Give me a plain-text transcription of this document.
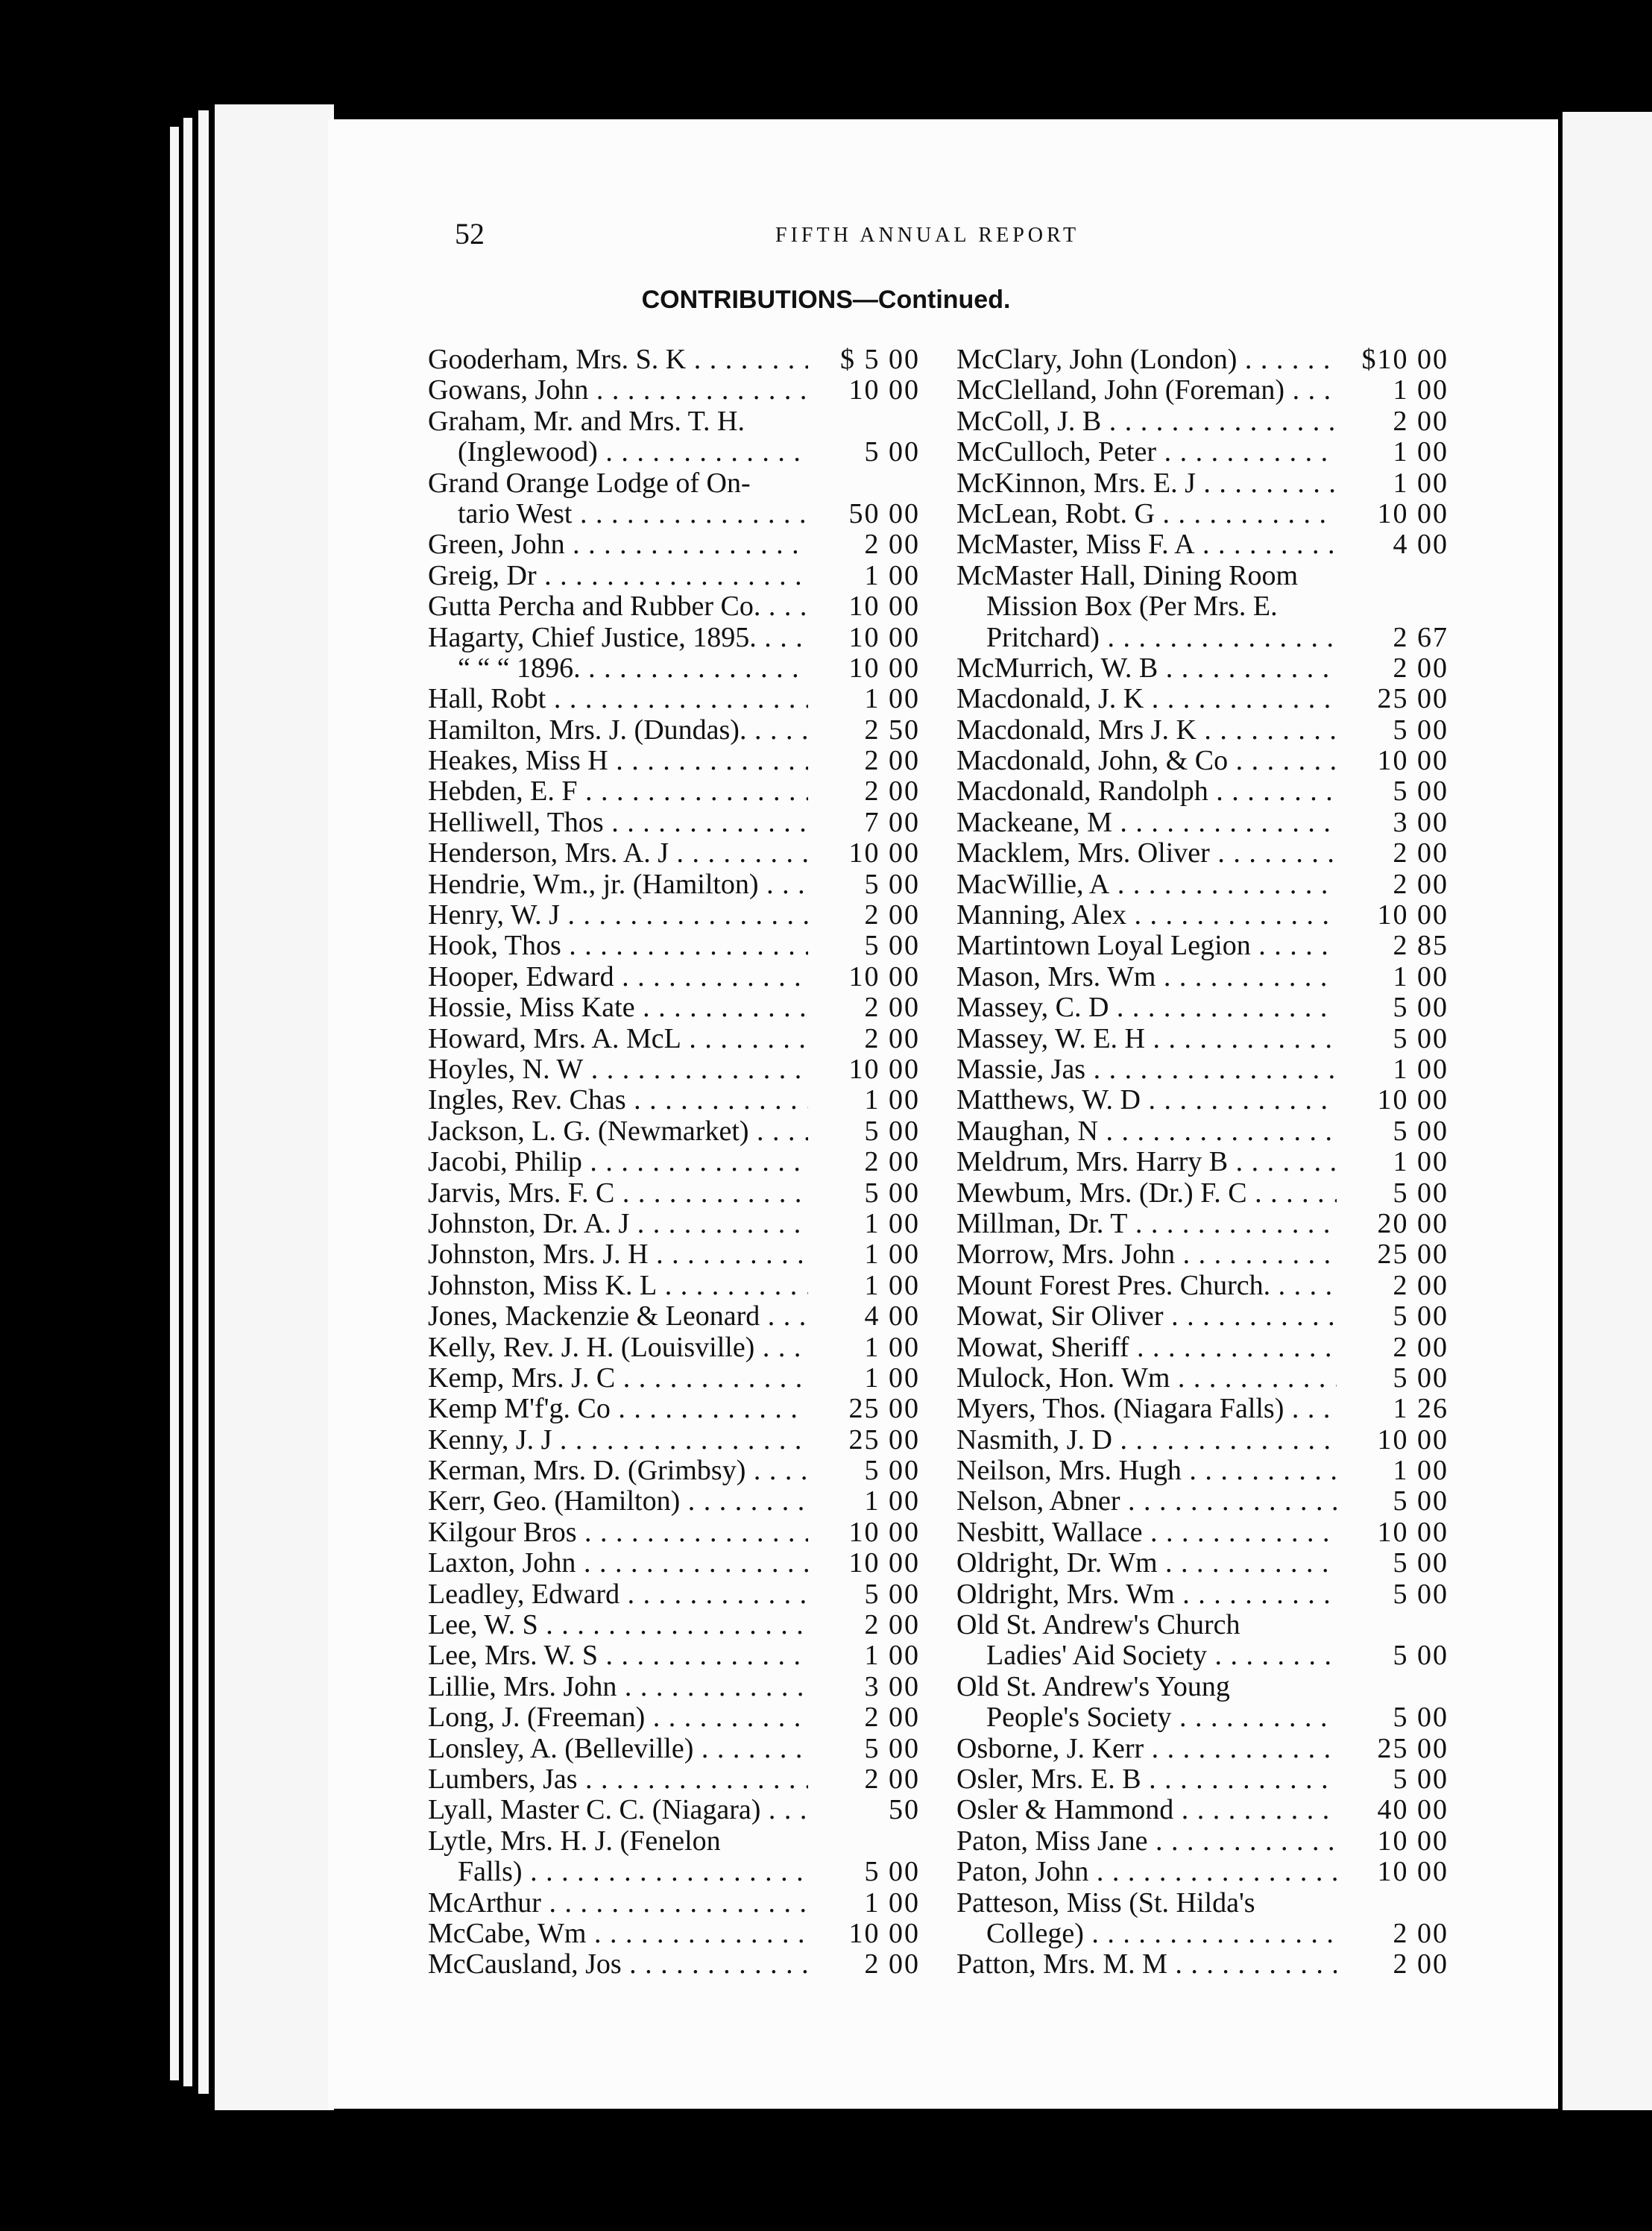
52	FIFTH ANNUAL REPORT
CONTRIBUTIONS—Continued.
Gooderham, Mrs. S. K . . .	$ 5 00
Gowans, John . . .	10 00
Graham, Mr. and Mrs. T. H.
(Inglewood) . . .	5 00
Grand Orange Lodge of On-
tario West . . .	50 00
Green, John . . .	2 00
Greig, Dr . . .	1 00
Gutta Percha and Rubber Co. . . .	10 00
Hagarty, Chief Justice, 1895. . . .	10 00
“ “ “ 1896. . . .	10 00
Hall, Robt . . .	1 00
Hamilton, Mrs. J. (Dundas). . . .	2 50
Heakes, Miss H . . .	2 00
Hebden, E. F . . .	2 00
Helliwell, Thos . . .	7 00
Henderson, Mrs. A. J . . .	10 00
Hendrie, Wm., jr. (Hamilton) . . .	5 00
Henry, W. J . . .	2 00
Hook, Thos . . .	5 00
Hooper, Edward . . .	10 00
Hossie, Miss Kate . . .	2 00
Howard, Mrs. A. McL . . .	2 00
Hoyles, N. W . . .	10 00
Ingles, Rev. Chas . . .	1 00
Jackson, L. G. (Newmarket) . . .	5 00
Jacobi, Philip . . .	2 00
Jarvis, Mrs. F. C . . .	5 00
Johnston, Dr. A. J . . .	1 00
Johnston, Mrs. J. H . . .	1 00
Johnston, Miss K. L . . .	1 00
Jones, Mackenzie & Leonard . . .	4 00
Kelly, Rev. J. H. (Louisville) . . .	1 00
Kemp, Mrs. J. C . . .	1 00
Kemp M'f'g. Co . . .	25 00
Kenny, J. J . . .	25 00
Kerman, Mrs. D. (Grimbsy) . . .	5 00
Kerr, Geo. (Hamilton) . . .	1 00
Kilgour Bros . . .	10 00
Laxton, John . . .	10 00
Leadley, Edward . . .	5 00
Lee, W. S . . .	2 00
Lee, Mrs. W. S . . .	1 00
Lillie, Mrs. John . . .	3 00
Long, J. (Freeman) . . .	2 00
Lonsley, A. (Belleville) . . .	5 00
Lumbers, Jas . . .	2 00
Lyall, Master C. C. (Niagara) . . .	50
Lytle, Mrs. H. J. (Fenelon
Falls) . . .	5 00
McArthur . . .	1 00
McCabe, Wm . . .	10 00
McCausland, Jos . . .	2 00
McClary, John (London) . . .	$10 00
McClelland, John (Foreman) . . .	1 00
McColl, J. B . . .	2 00
McCulloch, Peter . . .	1 00
McKinnon, Mrs. E. J . . .	1 00
McLean, Robt. G . . .	10 00
McMaster, Miss F. A . . .	4 00
McMaster Hall, Dining Room
Mission Box (Per Mrs. E.
Pritchard) . . .	2 67
McMurrich, W. B . . .	2 00
Macdonald, J. K . . .	25 00
Macdonald, Mrs J. K . . .	5 00
Macdonald, John, & Co . . .	10 00
Macdonald, Randolph . . .	5 00
Mackeane, M . . .	3 00
Macklem, Mrs. Oliver . . .	2 00
MacWillie, A . . .	2 00
Manning, Alex . . .	10 00
Martintown Loyal Legion . . .	2 85
Mason, Mrs. Wm . . .	1 00
Massey, C. D . . .	5 00
Massey, W. E. H . . .	5 00
Massie, Jas . . .	1 00
Matthews, W. D . . .	10 00
Maughan, N . . .	5 00
Meldrum, Mrs. Harry B . . .	1 00
Mewbum, Mrs. (Dr.) F. C . . .	5 00
Millman, Dr. T . . .	20 00
Morrow, Mrs. John . . .	25 00
Mount Forest Pres. Church. . . .	2 00
Mowat, Sir Oliver . . .	5 00
Mowat, Sheriff . . .	2 00
Mulock, Hon. Wm . . .	5 00
Myers, Thos. (Niagara Falls) . . .	1 26
Nasmith, J. D . . .	10 00
Neilson, Mrs. Hugh . . .	1 00
Nelson, Abner . . .	5 00
Nesbitt, Wallace . . .	10 00
Oldright, Dr. Wm . . .	5 00
Oldright, Mrs. Wm . . .	5 00
Old St. Andrew's Church
Ladies' Aid Society . . .	5 00
Old St. Andrew's Young
People's Society . . .	5 00
Osborne, J. Kerr . . .	25 00
Osler, Mrs. E. B . . .	5 00
Osler & Hammond . . .	40 00
Paton, Miss Jane . . .	10 00
Paton, John . . .	10 00
Patteson, Miss (St. Hilda's
College) . . .	2 00
Patton, Mrs. M. M . . .	2 00
